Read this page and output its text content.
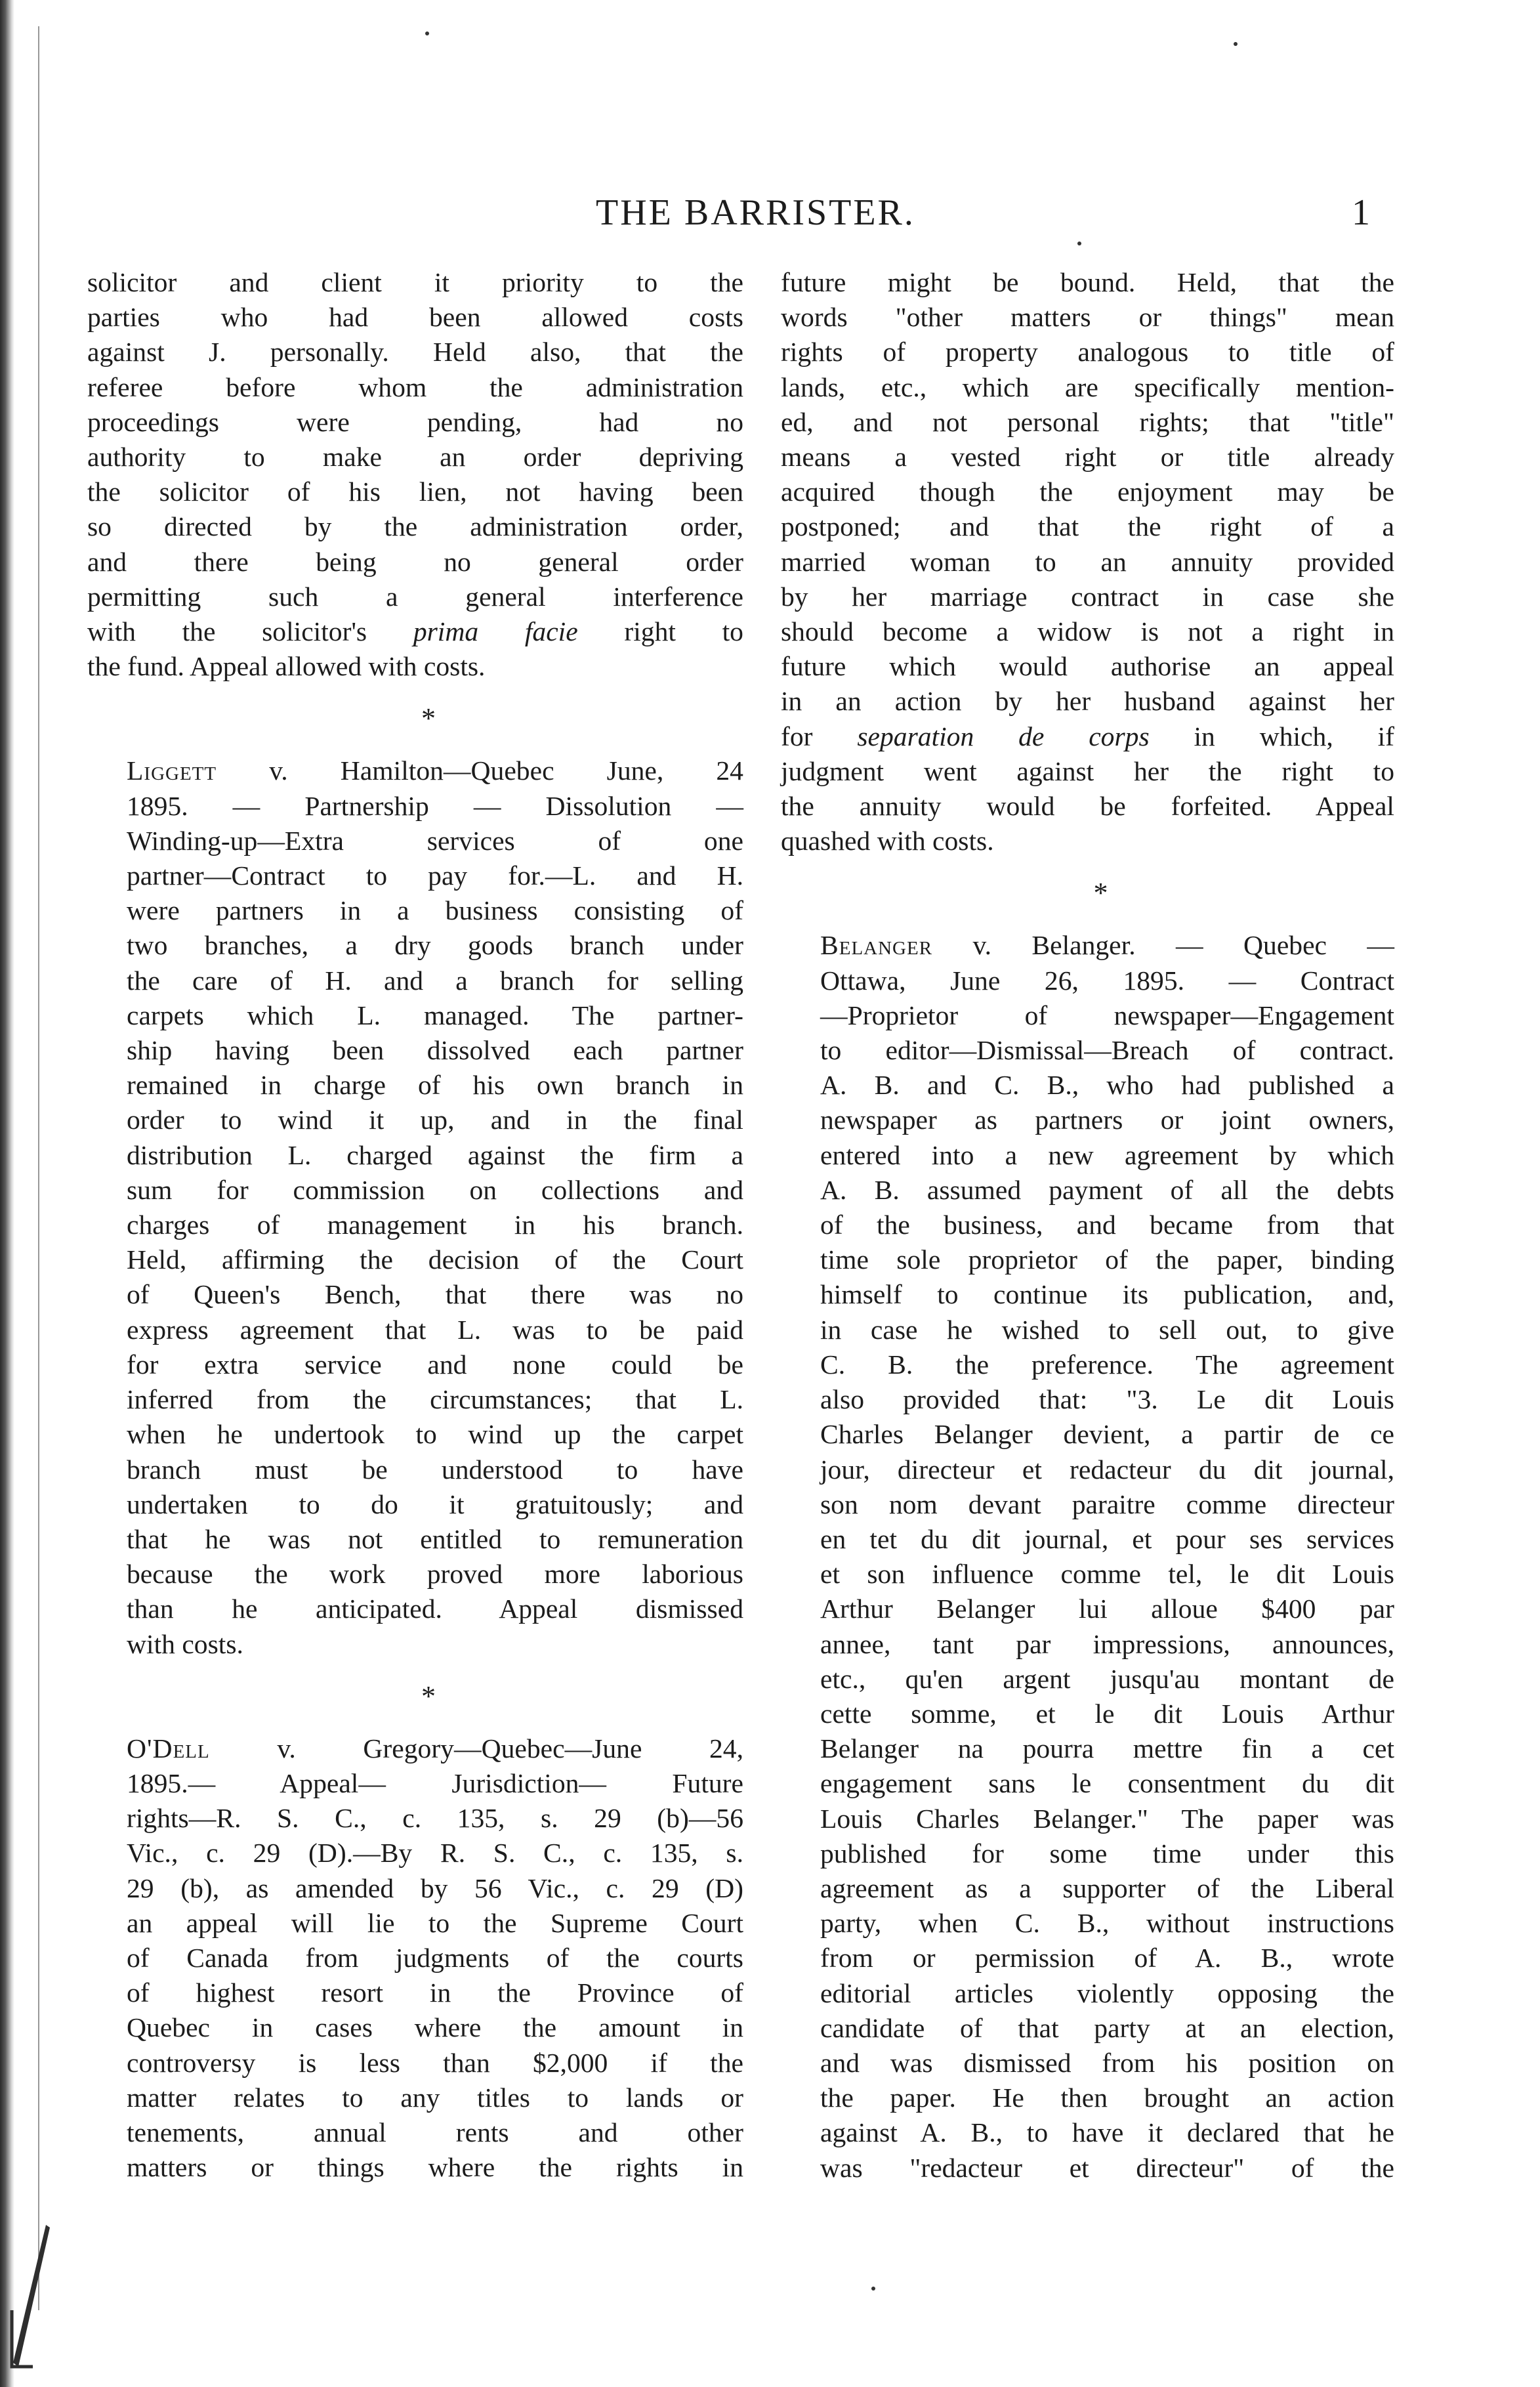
THE BARRISTER.	1

solicitor and client it priority to the
parties who had been allowed costs
against J. personally. Held also, that the
referee before whom the administration
proceedings were pending, had no
authority to make an order depriving
the solicitor of his lien, not having been
so directed by the administration order,
and there being no general order
permitting such a general interference
with the solicitor's prima facie right to
the fund. Appeal allowed with costs.

*

Liggett v. Hamilton—Quebec June, 24
1895. — Partnership — Dissolution —
Winding-up—Extra services of one
partner—Contract to pay for.—L. and H.
were partners in a business consisting of
two branches, a dry goods branch under
the care of H. and a branch for selling
carpets which L. managed. The partner-
ship having been dissolved each partner
remained in charge of his own branch in
order to wind it up, and in the final
distribution L. charged against the firm a
sum for commission on collections and
charges of management in his branch.
Held, affirming the decision of the Court
of Queen's Bench, that there was no
express agreement that L. was to be paid
for extra service and none could be
inferred from the circumstances; that L.
when he undertook to wind up the carpet
branch must be understood to have
undertaken to do it gratuitously; and
that he was not entitled to remuneration
because the work proved more laborious
than he anticipated. Appeal dismissed
with costs.

*

O'Dell v. Gregory—Quebec—June 24,
1895.— Appeal— Jurisdiction— Future
rights—R. S. C., c. 135, s. 29 (b)—56
Vic., c. 29 (D).—By R. S. C., c. 135, s.
29 (b), as amended by 56 Vic., c. 29 (D)
an appeal will lie to the Supreme Court
of Canada from judgments of the courts
of highest resort in the Province of
Quebec in cases where the amount in
controversy is less than $2,000 if the
matter relates to any titles to lands or
tenements, annual rents and other
matters or things where the rights in

future might be bound. Held, that the
words "other matters or things" mean
rights of property analogous to title of
lands, etc., which are specifically mention-
ed, and not personal rights; that "title"
means a vested right or title already
acquired though the enjoyment may be
postponed; and that the right of a
married woman to an annuity provided
by her marriage contract in case she
should become a widow is not a right in
future which would authorise an appeal
in an action by her husband against her
for separation de corps in which, if
judgment went against her the right to
the annuity would be forfeited. Appeal
quashed with costs.

*

Belanger v. Belanger. — Quebec —
Ottawa, June 26, 1895. — Contract
—Proprietor of newspaper—Engagement
to editor—Dismissal—Breach of contract.
A. B. and C. B., who had published a
newspaper as partners or joint owners,
entered into a new agreement by which
A. B. assumed payment of all the debts
of the business, and became from that
time sole proprietor of the paper, binding
himself to continue its publication, and,
in case he wished to sell out, to give
C. B. the preference. The agreement
also provided that: "3. Le dit Louis
Charles Belanger devient, a partir de ce
jour, directeur et redacteur du dit journal,
son nom devant paraitre comme directeur
en tet du dit journal, et pour ses services
et son influence comme tel, le dit Louis
Arthur Belanger lui alloue $400 par
annee, tant par impressions, announces,
etc., qu'en argent jusqu'au montant de
cette somme, et le dit Louis Arthur
Belanger na pourra mettre fin a cet
engagement sans le consentment du dit
Louis Charles Belanger." The paper was
published for some time under this
agreement as a supporter of the Liberal
party, when C. B., without instructions
from or permission of A. B., wrote
editorial articles violently opposing the
candidate of that party at an election,
and was dismissed from his position on
the paper. He then brought an action
against A. B., to have it declared that he
was "redacteur et directeur" of the
